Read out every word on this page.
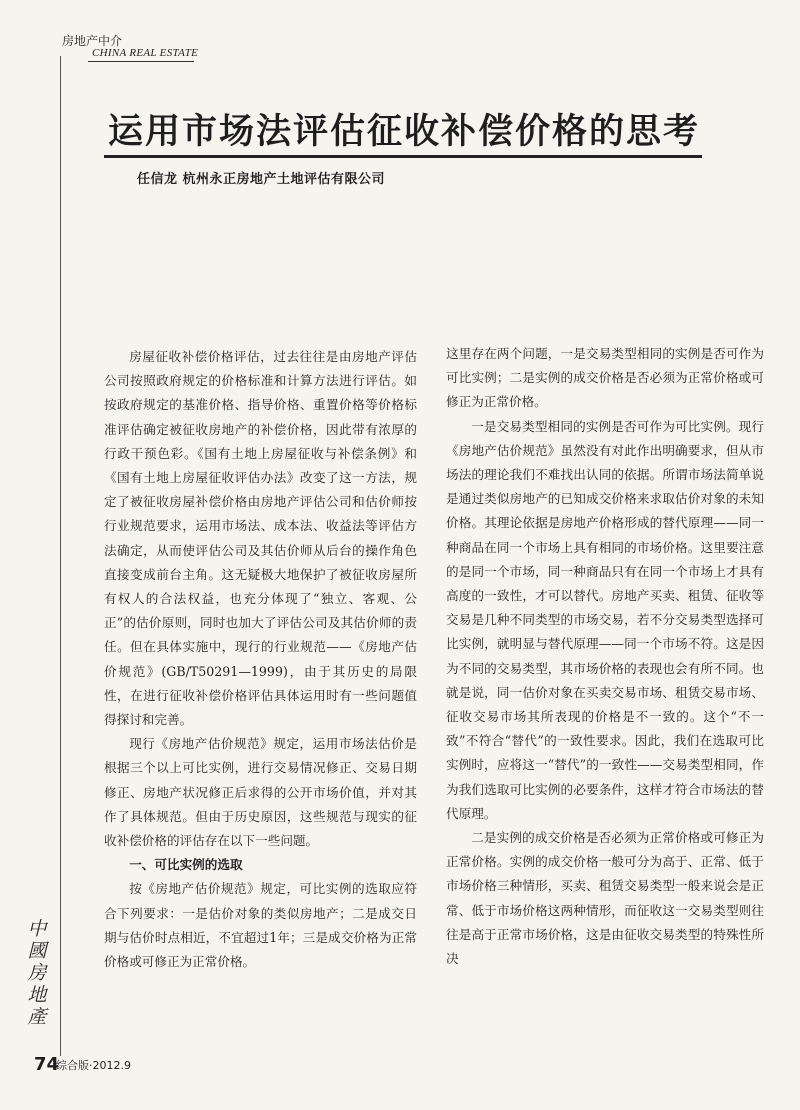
房地产中介
CHINA REAL ESTATE
运用市场法评估征收补偿价格的思考
任信龙 杭州永正房地产土地评估有限公司

房屋征收补偿价格评估，过去往往是由房地产评估公司按照政府规定的价格标准和计算方法进行评估。如按政府规定的基准价格、指导价格、重置价格等价格标准评估确定被征收房地产的补偿价格，因此带有浓厚的行政干预色彩。《国有土地上房屋征收与补偿条例》和《国有土地上房屋征收评估办法》改变了这一方法，规定了被征收房屋补偿价格由房地产评估公司和估价师按行业规范要求，运用市场法、成本法、收益法等评估方法确定，从而使评估公司及其估价师从后台的操作角色直接变成前台主角。这无疑极大地保护了被征收房屋所有权人的合法权益，也充分体现了“独立、客观、公正”的估价原则，同时也加大了评估公司及其估价师的责任。但在具体实施中，现行的行业规范——《房地产估价规范》(GB/T50291—1999)，由于其历史的局限性，在进行征收补偿价格评估具体运用时有一些问题值得探讨和完善。

现行《房地产估价规范》规定，运用市场法估价是根据三个以上可比实例，进行交易情况修正、交易日期修正、房地产状况修正后求得的公开市场价值，并对其作了具体规范。但由于历史原因，这些规范与现实的征收补偿价格的评估存在以下一些问题。

一、可比实例的选取

按《房地产估价规范》规定，可比实例的选取应符合下列要求：一是估价对象的类似房地产；二是成交日期与估价时点相近，不宜超过1年；三是成交价格为正常价格或可修正为正常价格。

这里存在两个问题，一是交易类型相同的实例是否可作为可比实例；二是实例的成交价格是否必须为正常价格或可修正为正常价格。

一是交易类型相同的实例是否可作为可比实例。现行《房地产估价规范》虽然没有对此作出明确要求，但从市场法的理论我们不难找出认同的依据。所谓市场法简单说是通过类似房地产的已知成交价格来求取估价对象的未知价格。其理论依据是房地产价格形成的替代原理——同一种商品在同一个市场上具有相同的市场价格。这里要注意的是同一个市场，同一种商品只有在同一个市场上才具有高度的一致性，才可以替代。房地产买卖、租赁、征收等交易是几种不同类型的市场交易，若不分交易类型选择可比实例，就明显与替代原理——同一个市场不符。这是因为不同的交易类型，其市场价格的表现也会有所不同。也就是说，同一估价对象在买卖交易市场、租赁交易市场、征收交易市场其所表现的价格是不一致的。这个“不一致”不符合“替代”的一致性要求。因此，我们在选取可比实例时，应将这一“替代”的一致性——交易类型相同，作为我们选取可比实例的必要条件，这样才符合市场法的替代原理。

二是实例的成交价格是否必须为正常价格或可修正为正常价格。实例的成交价格一般可分为高于、正常、低于市场价格三种情形，买卖、租赁交易类型一般来说会是正常、低于市场价格这两种情形，而征收这一交易类型则往往是高于正常市场价格，这是由征收交易类型的特殊性所决

中國房地產
74
综合版·2012.9
